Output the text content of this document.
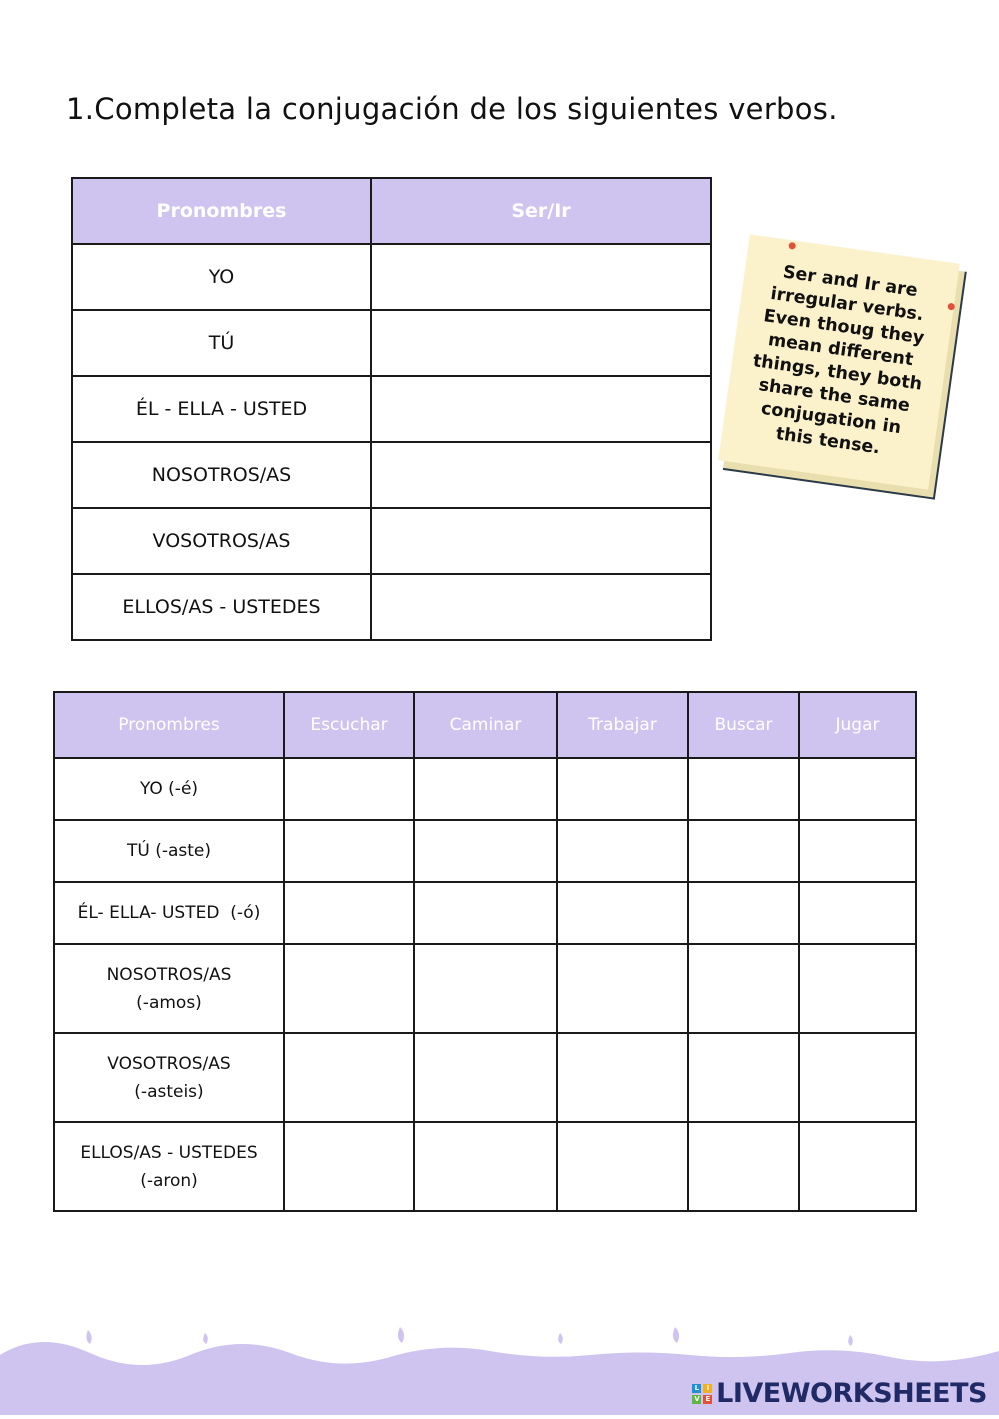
1.Completa la conjugación de los siguientes verbos.
Pronombres	Ser/Ir
YO	
TÚ	
ÉL - ELLA - USTED	
NOSOTROS/AS	
VOSOTROS/AS	
ELLOS/AS - USTEDES	
Ser and Ir are irregular verbs. Even thoug they mean different things, they both share the same conjugation in this tense.
Pronombres	Escuchar	Caminar	Trabajar	Buscar	Jugar
YO (-é)					
TÚ (-aste)					
ÉL- ELLA- USTED  (-ó)					

NOSOTROS/AS
(-amos)					

VOSOTROS/AS
(-asteis)					

ELLOS/AS - USTEDES
(-aron)					

L	I
V E LIVEWORKSHEETS
